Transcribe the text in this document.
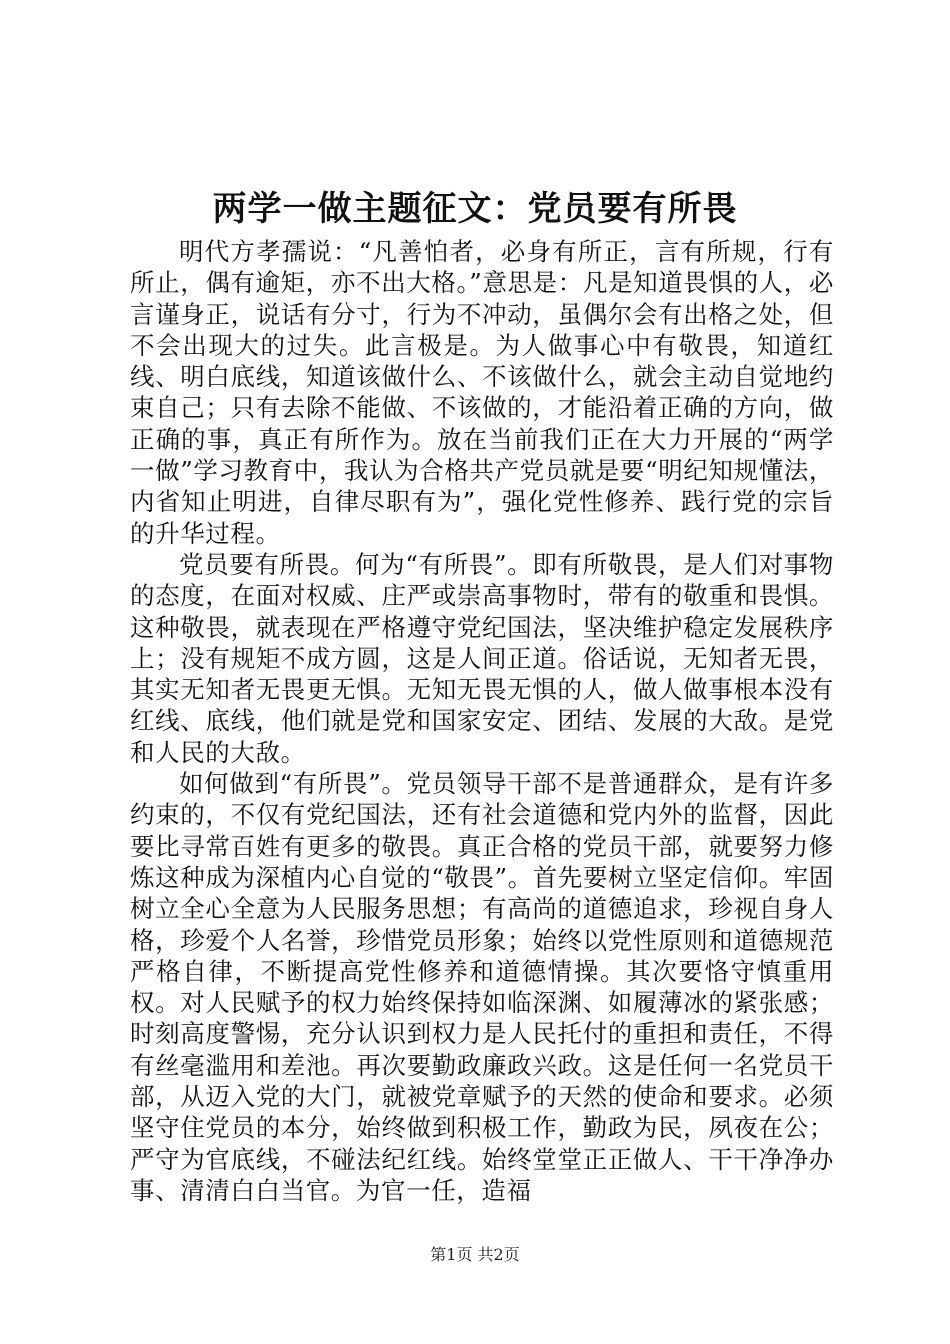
两学一做主题征文：党员要有所畏

明代方孝孺说：“凡善怕者，必身有所正，言有所规，行有所止，偶有逾矩，亦不出大格。”意思是：凡是知道畏惧的人，必言谨身正，说话有分寸，行为不冲动，虽偶尔会有出格之处，但不会出现大的过失。此言极是。为人做事心中有敬畏，知道红线、明白底线，知道该做什么、不该做什么，就会主动自觉地约束自己；只有去除不能做、不该做的，才能沿着正确的方向，做正确的事，真正有所作为。放在当前我们正在大力开展的“两学一做”学习教育中，我认为合格共产党员就是要“明纪知规懂法，内省知止明进，自律尽职有为”，强化党性修养、践行党的宗旨的升华过程。

党员要有所畏。何为“有所畏”。即有所敬畏，是人们对事物的态度，在面对权威、庄严或崇高事物时，带有的敬重和畏惧。这种敬畏，就表现在严格遵守党纪国法，坚决维护稳定发展秩序上；没有规矩不成方圆，这是人间正道。俗话说，无知者无畏，其实无知者无畏更无惧。无知无畏无惧的人，做人做事根本没有红线、底线，他们就是党和国家安定、团结、发展的大敌。是党和人民的大敌。

如何做到“有所畏”。党员领导干部不是普通群众，是有许多约束的，不仅有党纪国法，还有社会道德和党内外的监督，因此要比寻常百姓有更多的敬畏。真正合格的党员干部，就要努力修炼这种成为深植内心自觉的“敬畏”。首先要树立坚定信仰。牢固树立全心全意为人民服务思想；有高尚的道德追求，珍视自身人格，珍爱个人名誉，珍惜党员形象；始终以党性原则和道德规范严格自律，不断提高党性修养和道德情操。其次要恪守慎重用权。对人民赋予的权力始终保持如临深渊、如履薄冰的紧张感；时刻高度警惕，充分认识到权力是人民托付的重担和责任，不得有丝毫滥用和差池。再次要勤政廉政兴政。这是任何一名党员干部，从迈入党的大门，就被党章赋予的天然的使命和要求。必须坚守住党员的本分，始终做到积极工作，勤政为民，夙夜在公；严守为官底线，不碰法纪红线。始终堂堂正正做人、干干净净办事、清清白白当官。为官一任，造福

第1页 共2页
